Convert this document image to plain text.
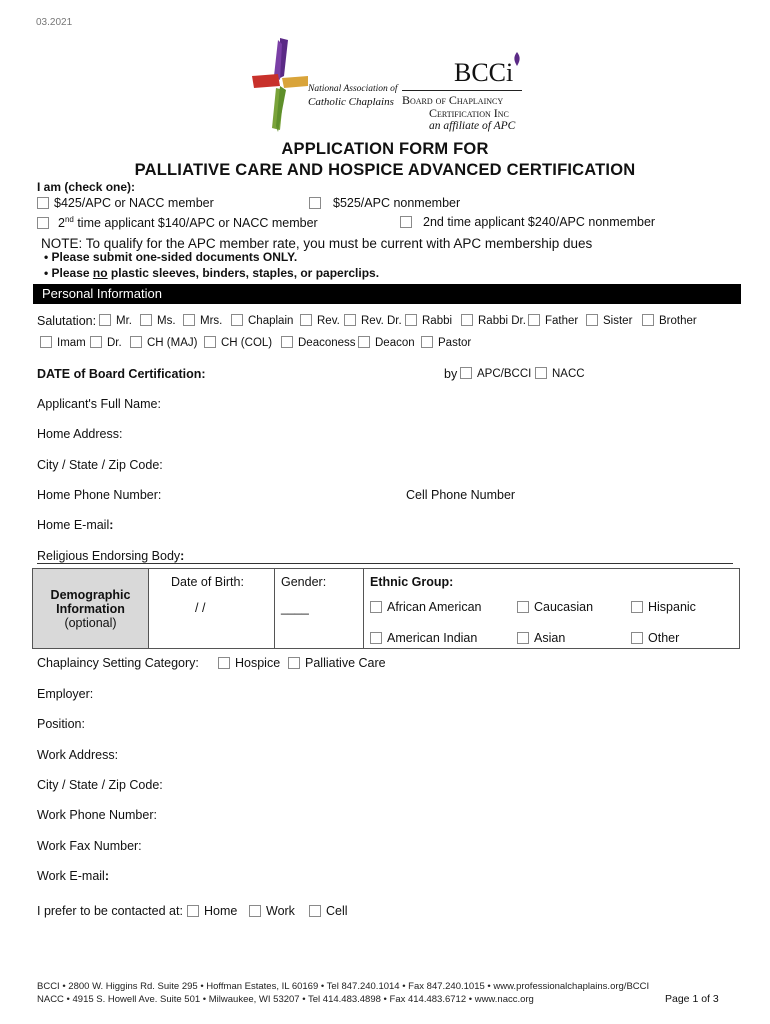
03.2021
National Association of
Catholic Chaplains
BCCi
Board of Chaplaincy
Certification Inc
an affiliate of APC
APPLICATION FORM FOR
PALLIATIVE CARE AND HOSPICE ADVANCED CERTIFICATION
I am (check one):
$425/APC or NACC member	$525/APC nonmember
2nd time applicant $140/APC or NACC member	2nd time applicant $240/APC nonmember
NOTE: To qualify for the APC member rate, you must be current with APC membership dues
• Please submit one-sided documents ONLY.
• Please no plastic sleeves, binders, staples, or paperclips.
Personal Information
Salutation:	Mr.	Ms.	Mrs.	Chaplain	Rev.	Rev. Dr.	Rabbi	Rabbi Dr.	Father	Sister	Brother
Imam	Dr.	CH (MAJ)	CH (COL)	Deaconess	Deacon	Pastor
DATE of Board Certification:	by	APC/BCCI	NACC
Applicant's Full Name:
Home Address:
City / State / Zip Code:
Home Phone Number:	Cell Phone Number
Home E-mail:
Religious Endorsing Body:
Demographic
Information
(optional)

Date of Birth:
/ /

Gender:
____

Ethnic Group:
African American	Caucasian	Hispanic
American Indian	Asian	Other
Chaplaincy Setting Category:	Hospice	Palliative Care
Employer:
Position:
Work Address:
City / State / Zip Code:
Work Phone Number:
Work Fax Number:
Work E-mail:
I prefer to be contacted at:	Home	Work	Cell
BCCI • 2800 W. Higgins Rd. Suite 295 • Hoffman Estates, IL 60169 • Tel 847.240.1014 • Fax 847.240.1015 • www.professionalchaplains.org/BCCI
NACC • 4915 S. Howell Ave. Suite 501 • Milwaukee, WI 53207 • Tel 414.483.4898 • Fax 414.483.6712 • www.nacc.org	Page 1 of 3
